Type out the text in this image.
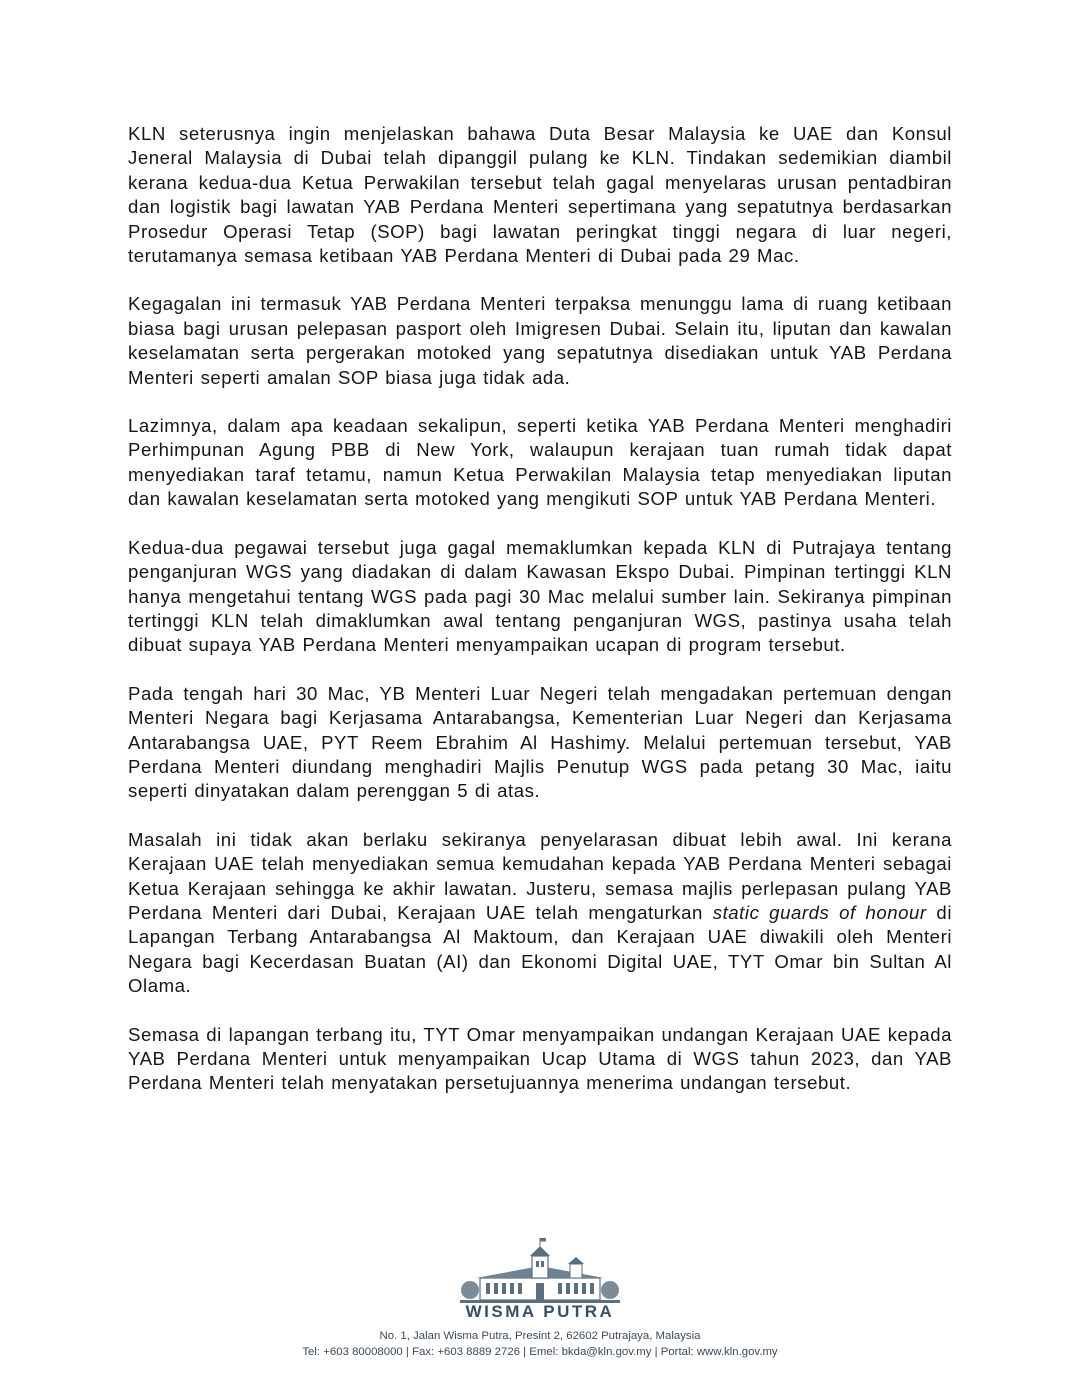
KLN seterusnya ingin menjelaskan bahawa Duta Besar Malaysia ke UAE dan Konsul Jeneral Malaysia di Dubai telah dipanggil pulang ke KLN. Tindakan sedemikian diambil kerana kedua-dua Ketua Perwakilan tersebut telah gagal menyelaras urusan pentadbiran dan logistik bagi lawatan YAB Perdana Menteri sepertimana yang sepatutnya berdasarkan Prosedur Operasi Tetap (SOP) bagi lawatan peringkat tinggi negara di luar negeri, terutamanya semasa ketibaan YAB Perdana Menteri di Dubai pada 29 Mac.

Kegagalan ini termasuk YAB Perdana Menteri terpaksa menunggu lama di ruang ketibaan biasa bagi urusan pelepasan pasport oleh Imigresen Dubai. Selain itu, liputan dan kawalan keselamatan serta pergerakan motoked yang sepatutnya disediakan untuk YAB Perdana Menteri seperti amalan SOP biasa juga tidak ada.

Lazimnya, dalam apa keadaan sekalipun, seperti ketika YAB Perdana Menteri menghadiri Perhimpunan Agung PBB di New York, walaupun kerajaan tuan rumah tidak dapat menyediakan taraf tetamu, namun Ketua Perwakilan Malaysia tetap menyediakan liputan dan kawalan keselamatan serta motoked yang mengikuti SOP untuk YAB Perdana Menteri.

Kedua-dua pegawai tersebut juga gagal memaklumkan kepada KLN di Putrajaya tentang penganjuran WGS yang diadakan di dalam Kawasan Ekspo Dubai. Pimpinan tertinggi KLN hanya mengetahui tentang WGS pada pagi 30 Mac melalui sumber lain. Sekiranya pimpinan tertinggi KLN telah dimaklumkan awal tentang penganjuran WGS, pastinya usaha telah dibuat supaya YAB Perdana Menteri menyampaikan ucapan di program tersebut.

Pada tengah hari 30 Mac, YB Menteri Luar Negeri telah mengadakan pertemuan dengan Menteri Negara bagi Kerjasama Antarabangsa, Kementerian Luar Negeri dan Kerjasama Antarabangsa UAE, PYT Reem Ebrahim Al Hashimy. Melalui pertemuan tersebut, YAB Perdana Menteri diundang menghadiri Majlis Penutup WGS pada petang 30 Mac, iaitu seperti dinyatakan dalam perenggan 5 di atas.

Masalah ini tidak akan berlaku sekiranya penyelarasan dibuat lebih awal. Ini kerana Kerajaan UAE telah menyediakan semua kemudahan kepada YAB Perdana Menteri sebagai Ketua Kerajaan sehingga ke akhir lawatan. Justeru, semasa majlis perlepasan pulang YAB Perdana Menteri dari Dubai, Kerajaan UAE telah mengaturkan static guards of honour di Lapangan Terbang Antarabangsa Al Maktoum, dan Kerajaan UAE diwakili oleh Menteri Negara bagi Kecerdasan Buatan (AI) dan Ekonomi Digital UAE, TYT Omar bin Sultan Al Olama.

Semasa di lapangan terbang itu, TYT Omar menyampaikan undangan Kerajaan UAE kepada YAB Perdana Menteri untuk menyampaikan Ucap Utama di WGS tahun 2023, dan YAB Perdana Menteri telah menyatakan persetujuannya menerima undangan tersebut.

WISMA PUTRA
No. 1, Jalan Wisma Putra, Presint 2, 62602 Putrajaya, Malaysia
Tel: +603 80008000 | Fax: +603 8889 2726 | Emel: bkda@kln.gov.my | Portal: www.kln.gov.my
